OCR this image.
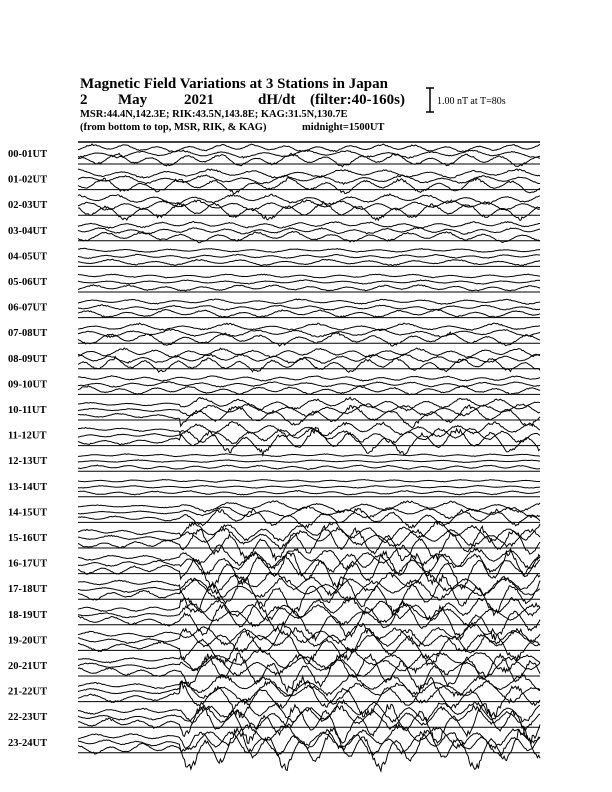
Magnetic Field Variations at 3 Stations in Japan
2 May 2021	dH/dt (filter:40-160s)
MSR:44.4N,142.3E; RIK:43.5N,143.8E; KAG:31.5N,130.7E
(from bottom to top, MSR, RIK, & KAG)	midnight=1500UT
1.00 nT at T=80s
00-01UT
01-02UT
02-03UT
03-04UT
04-05UT
05-06UT
06-07UT
07-08UT
08-09UT
09-10UT
10-11UT
11-12UT
12-13UT
13-14UT
14-15UT
15-16UT
16-17UT
17-18UT
18-19UT
19-20UT
20-21UT
21-22UT
22-23UT
23-24UT
